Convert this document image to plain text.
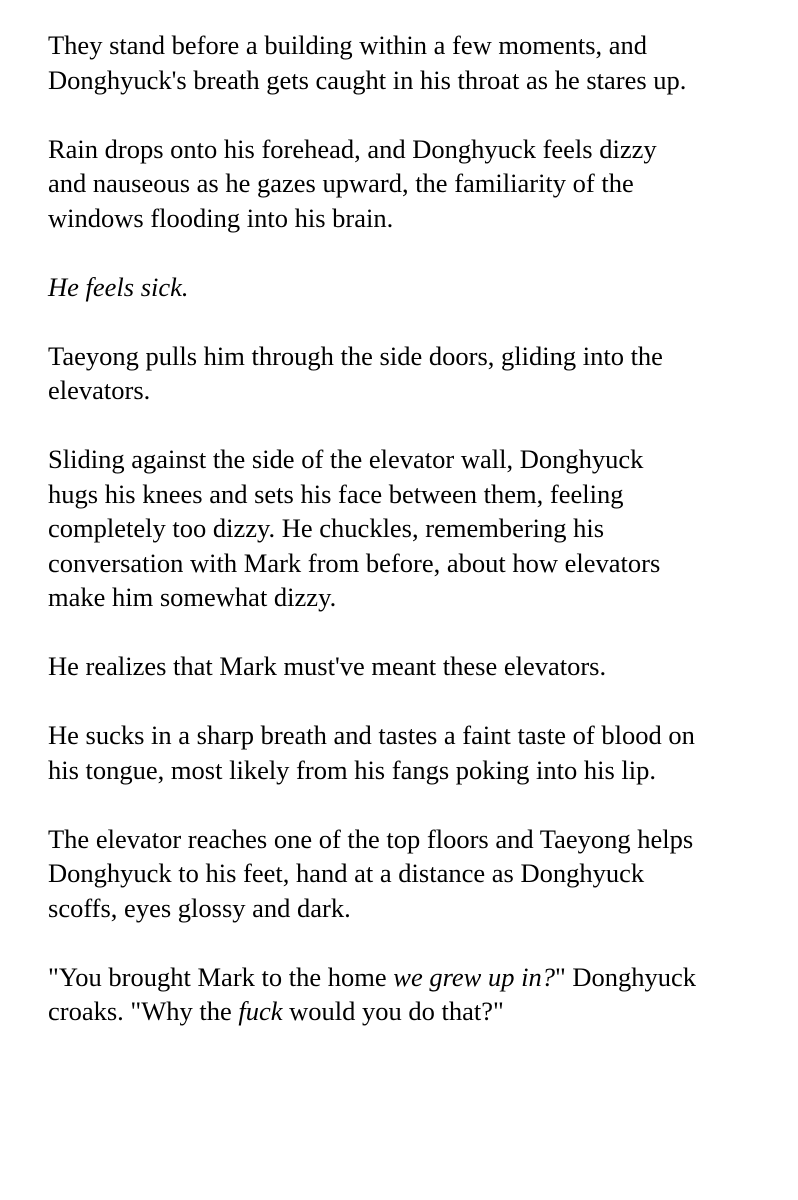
They stand before a building within a few moments, and
Donghyuck's breath gets caught in his throat as he stares up.

Rain drops onto his forehead, and Donghyuck feels dizzy
and nauseous as he gazes upward, the familiarity of the
windows flooding into his brain.

He feels sick.

Taeyong pulls him through the side doors, gliding into the
elevators.

Sliding against the side of the elevator wall, Donghyuck
hugs his knees and sets his face between them, feeling
completely too dizzy. He chuckles, remembering his
conversation with Mark from before, about how elevators
make him somewhat dizzy.

He realizes that Mark must've meant these elevators.

He sucks in a sharp breath and tastes a faint taste of blood on
his tongue, most likely from his fangs poking into his lip.

The elevator reaches one of the top floors and Taeyong helps
Donghyuck to his feet, hand at a distance as Donghyuck
scoffs, eyes glossy and dark.

"You brought Mark to the home we grew up in?" Donghyuck
croaks. "Why the fuck would you do that?"
